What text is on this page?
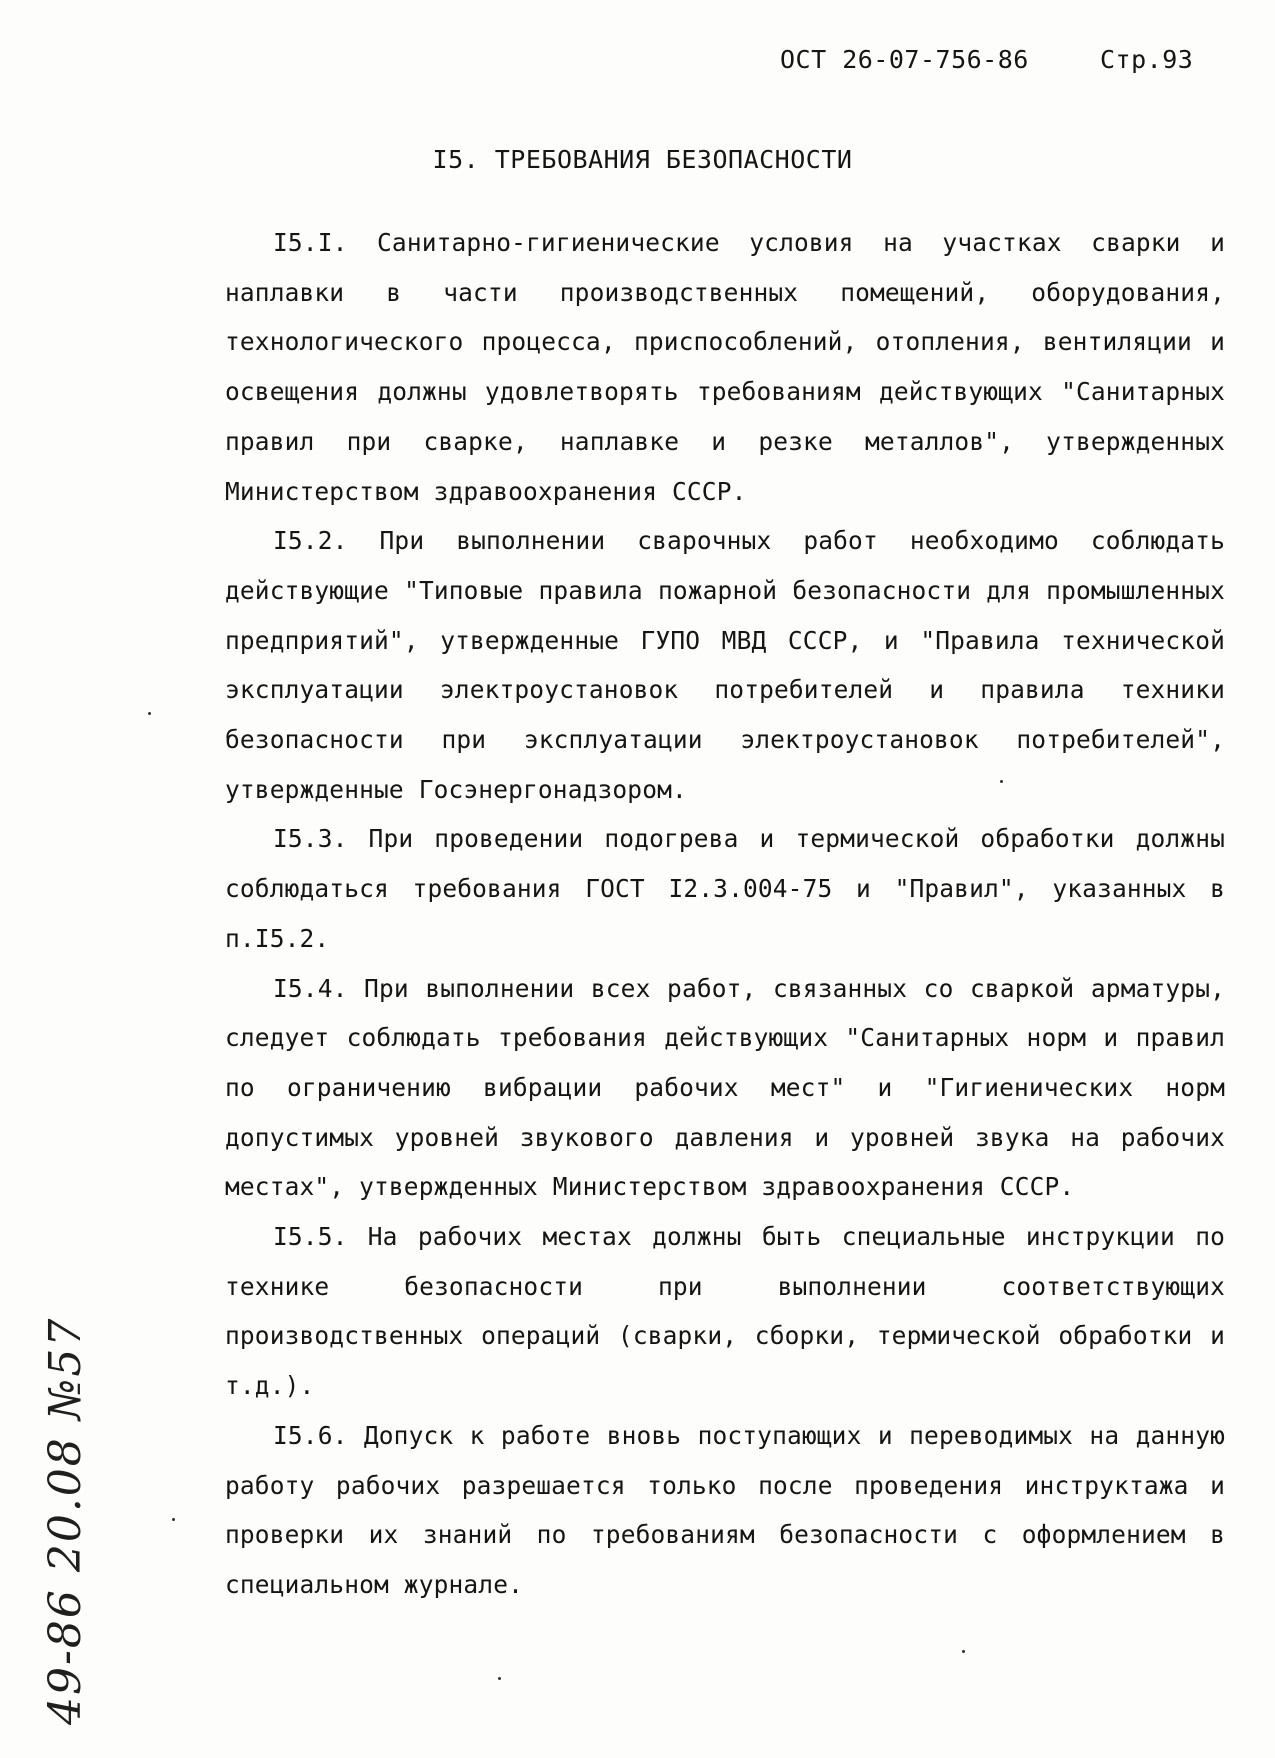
ОСТ 26-07-756-86	Стр.93
I5. ТРЕБОВАНИЯ БЕЗОПАСНОСТИ

I5.I. Санитарно-гигиенические условия на участках сварки и наплавки в части производственных помещений, оборудования, технологического процесса, приспособлений, отопления, вентиляции и освещения должны удовлетворять требованиям действующих "Санитарных правил при сварке, наплавке и резке металлов", утвержденных Министерством здравоохранения СССР.

I5.2. При выполнении сварочных работ необходимо соблюдать действующие "Типовые правила пожарной безопасности для промышленных предприятий", утвержденные ГУПО МВД СССР, и "Правила технической эксплуатации электроустановок потребителей и правила техники безопасности при эксплуатации электроустановок потребителей", утвержденные Госэнергонадзором.

I5.3. При проведении подогрева и термической обработки должны соблюдаться требования ГОСТ I2.3.004-75 и "Правил", указанных в п.I5.2.

I5.4. При выполнении всех работ, связанных со сваркой арматуры, следует соблюдать требования действующих "Санитарных норм и правил по ограничению вибрации рабочих мест" и "Гигиенических норм допустимых уровней звукового давления и уровней звука на рабочих местах", утвержденных Министерством здравоохранения СССР.

I5.5. На рабочих местах должны быть специальные инструкции по технике безопасности при выполнении соответствующих производственных операций (сварки, сборки, термической обработки и т.д.).

I5.6. Допуск к работе вновь поступающих и переводимых на данную работу рабочих разрешается только после проведения инструктажа и проверки их знаний по требованиям безопасности с оформлением в специальном журнале.

49-86 20.08 №57
